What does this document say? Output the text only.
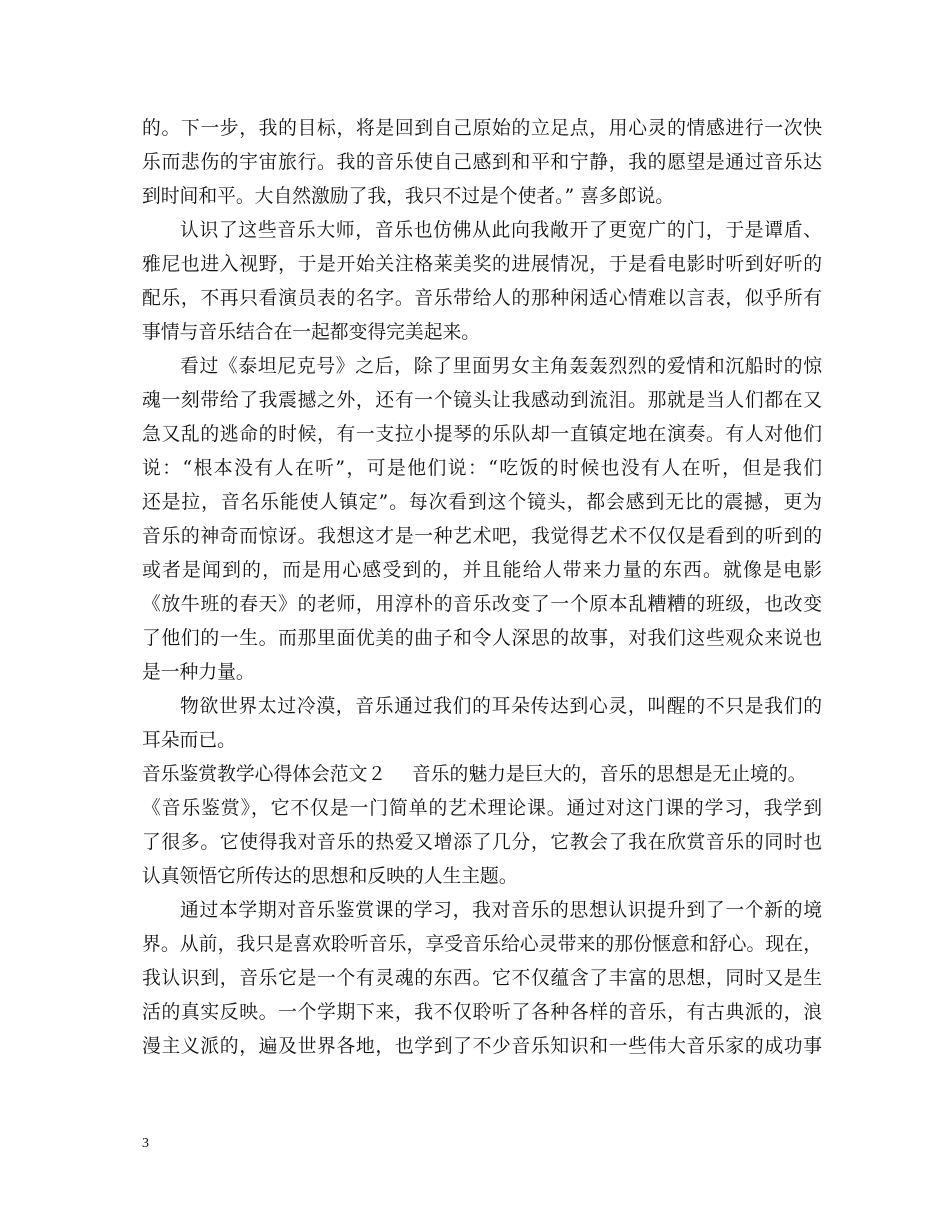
的。下一步，我的目标，将是回到自己原始的立足点，用心灵的情感进行一次快
乐而悲伤的宇宙旅行。我的音乐使自己感到和平和宁静，我的愿望是通过音乐达
到时间和平。大自然激励了我，我只不过是个使者。” 喜多郎说。
认识了这些音乐大师，音乐也仿佛从此向我敞开了更宽广的门，于是谭盾、
雅尼也进入视野，于是开始关注格莱美奖的进展情况，于是看电影时听到好听的
配乐，不再只看演员表的名字。音乐带给人的那种闲适心情难以言表，似乎所有
事情与音乐结合在一起都变得完美起来。
看过《泰坦尼克号》之后，除了里面男女主角轰轰烈烈的爱情和沉船时的惊
魂一刻带给了我震撼之外，还有一个镜头让我感动到流泪。那就是当人们都在又
急又乱的逃命的时候，有一支拉小提琴的乐队却一直镇定地在演奏。有人对他们
说：“根本没有人在听”，可是他们说：“吃饭的时候也没有人在听，但是我们
还是拉，音名乐能使人镇定”。每次看到这个镜头，都会感到无比的震撼，更为
音乐的神奇而惊讶。我想这才是一种艺术吧，我觉得艺术不仅仅是看到的听到的
或者是闻到的，而是用心感受到的，并且能给人带来力量的东西。就像是电影
《放牛班的春天》的老师，用淳朴的音乐改变了一个原本乱糟糟的班级，也改变
了他们的一生。而那里面优美的曲子和令人深思的故事，对我们这些观众来说也
是一种力量。
物欲世界太过冷漠，音乐通过我们的耳朵传达到心灵，叫醒的不只是我们的
耳朵而已。
音乐鉴赏教学心得体会范文２ 音乐的魅力是巨大的，音乐的思想是无止境的。
《音乐鉴赏》，它不仅是一门简单的艺术理论课。通过对这门课的学习，我学到
了很多。它使得我对音乐的热爱又增添了几分，它教会了我在欣赏音乐的同时也
认真领悟它所传达的思想和反映的人生主题。
通过本学期对音乐鉴赏课的学习，我对音乐的思想认识提升到了一个新的境
界。从前，我只是喜欢聆听音乐，享受音乐给心灵带来的那份惬意和舒心。现在，
我认识到，音乐它是一个有灵魂的东西。它不仅蕴含了丰富的思想，同时又是生
活的真实反映。一个学期下来，我不仅聆听了各种各样的音乐，有古典派的，浪
漫主义派的，遍及世界各地，也学到了不少音乐知识和一些伟大音乐家的成功事
3
